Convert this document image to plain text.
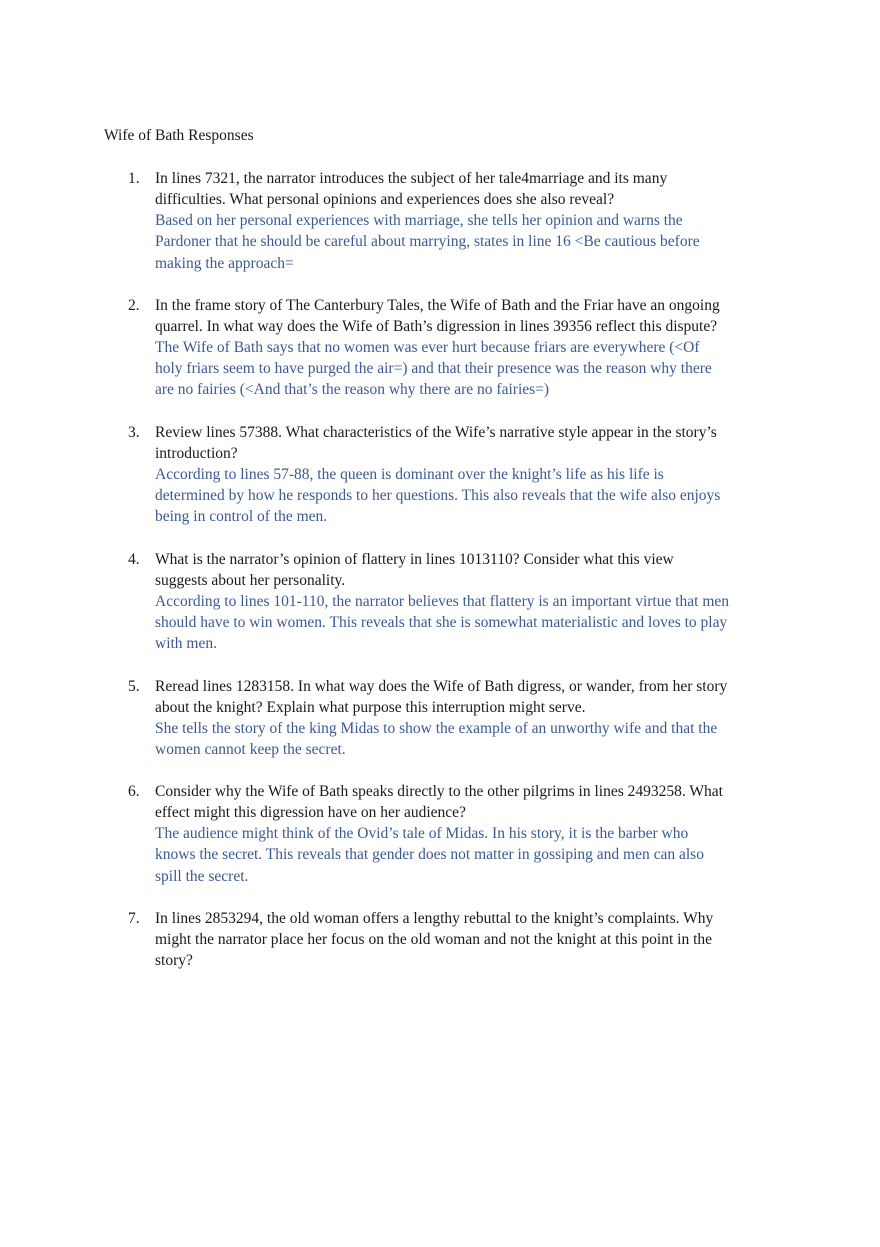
Wife of Bath Responses
1. In lines 7321, the narrator introduces the subject of her tale4marriage and its many difficulties. What personal opinions and experiences does she also reveal?

Based on her personal experiences with marriage, she tells her opinion and warns the Pardoner that he should be careful about marrying, states in line 16 <Be cautious before making the approach=

2. In the frame story of The Canterbury Tales, the Wife of Bath and the Friar have an ongoing quarrel. In what way does the Wife of Bath’s digression in lines 39356 reflect this dispute?

The Wife of Bath says that no women was ever hurt because friars are everywhere (<Of holy friars seem to have purged the air=) and that their presence was the reason why there are no fairies (<And that’s the reason why there are no fairies=)

3. Review lines 57388. What characteristics of the Wife’s narrative style appear in the story’s introduction?

According to lines 57-88, the queen is dominant over the knight’s life as his life is determined by how he responds to her questions. This also reveals that the wife also enjoys being in control of the men.

4. What is the narrator’s opinion of flattery in lines 1013110? Consider what this view suggests about her personality.

According to lines 101-110, the narrator believes that flattery is an important virtue that men should have to win women. This reveals that she is somewhat materialistic and loves to play with men.

5. Reread lines 1283158. In what way does the Wife of Bath digress, or wander, from her story about the knight? Explain what purpose this interruption might serve.

She tells the story of the king Midas to show the example of an unworthy wife and that the women cannot keep the secret.

6. Consider why the Wife of Bath speaks directly to the other pilgrims in lines 2493258. What effect might this digression have on her audience?

The audience might think of the Ovid’s tale of Midas. In his story, it is the barber who knows the secret. This reveals that gender does not matter in gossiping and men can also spill the secret.

7. In lines 2853294, the old woman offers a lengthy rebuttal to the knight’s complaints. Why might the narrator place her focus on the old woman and not the knight at this point in the story?
